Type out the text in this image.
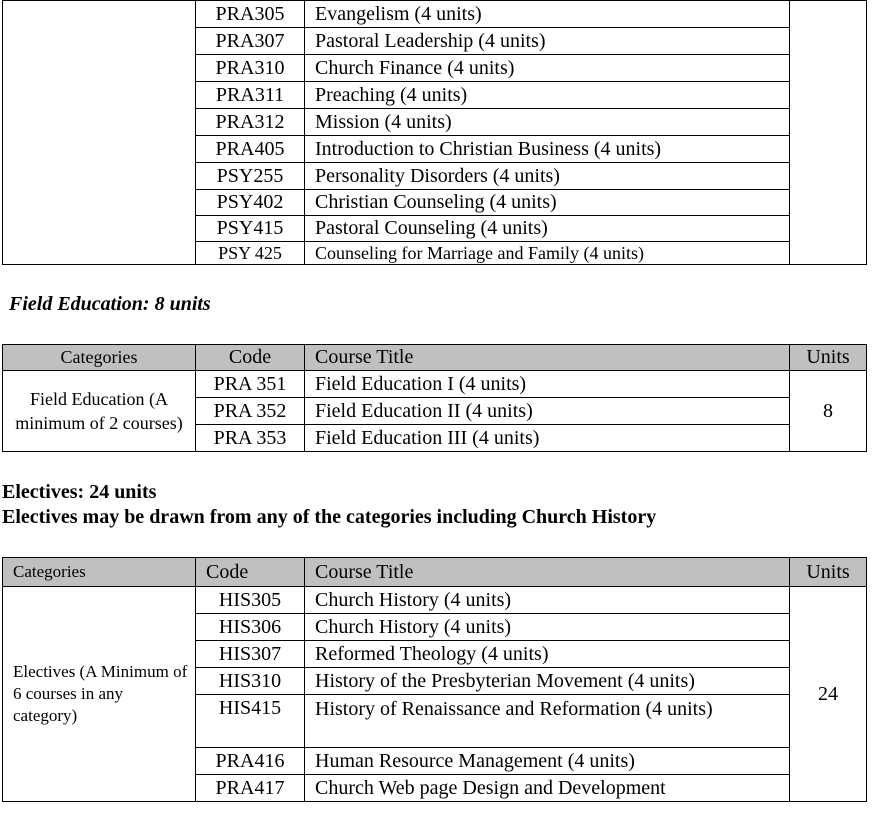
	PRA305	Evangelism (4 units)	
	PRA307	Pastoral Leadership (4 units)	
	PRA310	Church Finance (4 units)	
	PRA311	Preaching (4 units)	
	PRA312	Mission (4 units)	
	PRA405	Introduction to Christian Business (4 units)	
	PSY255	Personality Disorders (4 units)	
	PSY402	Christian Counseling (4 units)	
	PSY415	Pastoral Counseling (4 units)	
	PSY 425	Counseling for Marriage and Family (4 units)	
Field Education: 8 units
Categories	Code	Course Title	Units
Field Education (A minimum of 2 courses)	PRA 351	Field Education I (4 units)	8
	PRA 352	Field Education II (4 units)	
	PRA 353	Field Education III (4 units)	
Electives: 24 units
Electives may be drawn from any of the categories including Church History
Categories	Code	Course Title	Units
Electives (A Minimum of 6 courses in any category)	HIS305	Church History (4 units)	24
	HIS306	Church History (4 units)	
	HIS307	Reformed Theology (4 units)	
	HIS310	History of the Presbyterian Movement (4 units)	
	HIS415	History of Renaissance and Reformation (4 units)	
	PRA416	Human Resource Management (4 units)	
	PRA417	Church Web page Design and Development	
